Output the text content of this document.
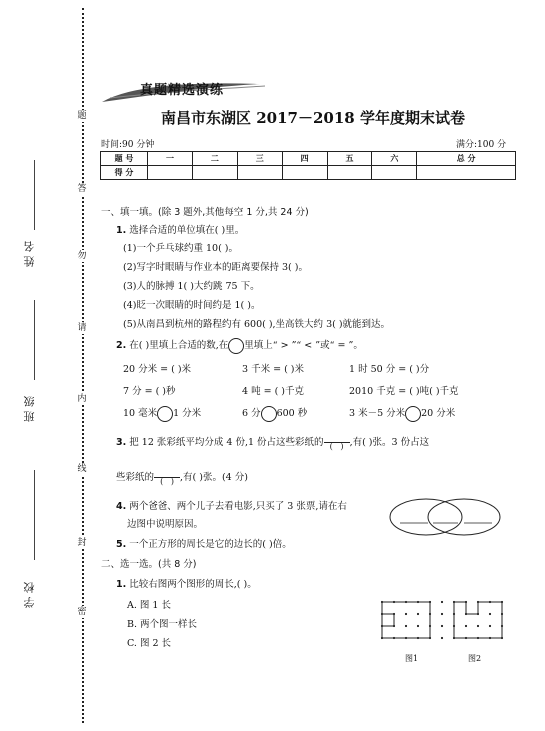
题
答
勿
请
内
线
封
密
姓名
班级
学校
真题精选演练
南昌市东湖区 2017－2018 学年度期末试卷
时间:90 分钟	满分:100 分
题 号	一	二	三	四	五	六	总 分
得 分							
一、填一填。(除 3 题外,其他每空 1 分,共 24 分)
1. 选择合适的单位填在( )里。
(1)一个乒乓球约重 10( )。
(2)写字时眼睛与作业本的距离要保持 3( )。
(3)人的脉搏 1( )大约跳 75 下。
(4)眨一次眼睛的时间约是 1( )。
(5)从南昌到杭州的路程约有 600( ),坐高铁大约 3( )就能到达。
2. 在( )里填上合适的数,在 里填上“ > ”“ < ”或“ = ”。
20 分米 = ( )米	3 千米 = ( )米	1 时 50 分 = ( )分
7 分 = ( )秒	4 吨 = ( )千克	2010 千克 = ( )吨( )千克
10 毫米 1 分米	6 分 600 秒	3 米－5 分米 20 分米
3. 把 12 张彩纸平均分成 4 份,1 份占这些彩纸的 (   ) ,有( )张。3 份占这
些彩纸的 (   ) ,有( )张。(4 分)
4. 两个爸爸、两个儿子去看电影,只买了 3 张票,请在右
边图中说明原因。
5. 一个正方形的周长是它的边长的( )倍。
二、选一选。(共 8 分)
1. 比较右图两个图形的周长,( )。
A. 图 1 长
B. 两个图一样长
C. 图 2 长
图1	图2
